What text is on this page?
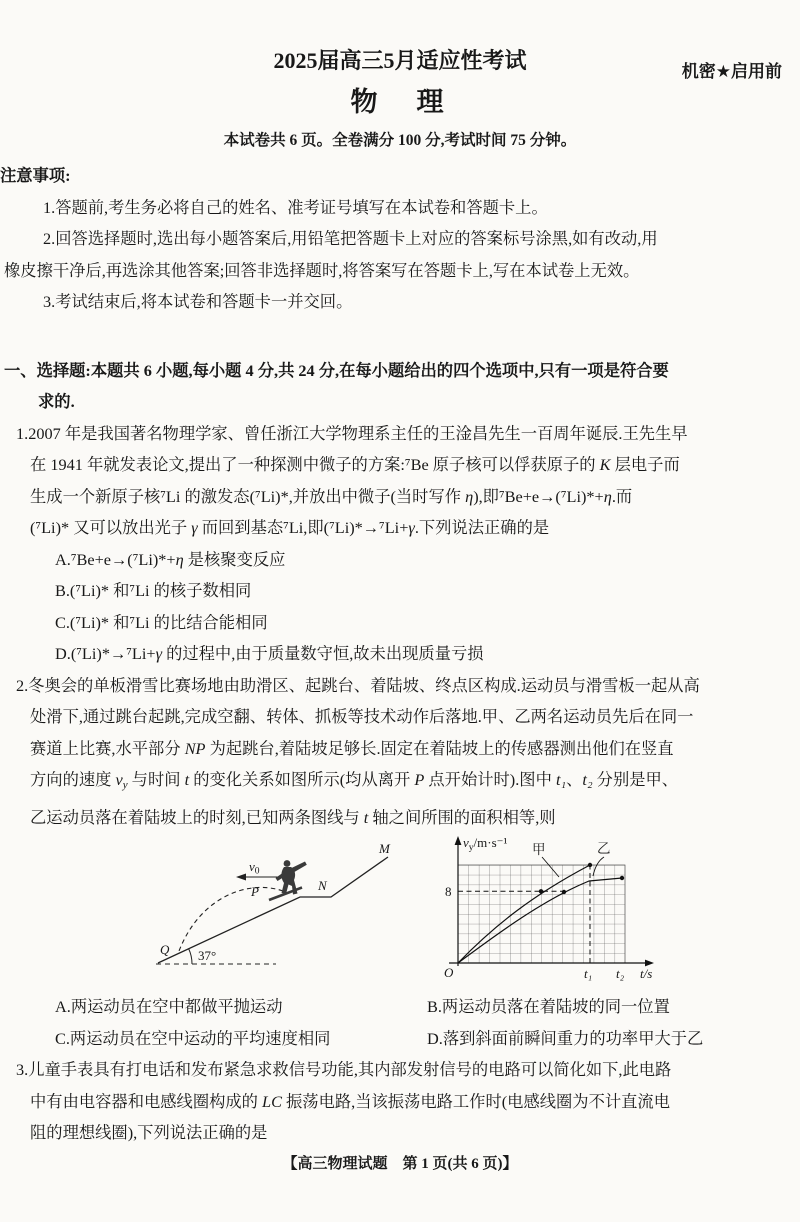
机密★启用前
2025届高三5月适应性考试
物　理
本试卷共 6 页。全卷满分 100 分,考试时间 75 分钟。

注意事项:

1.答题前,考生务必将自己的姓名、准考证号填写在本试卷和答题卡上。

2.回答选择题时,选出每小题答案后,用铅笔把答题卡上对应的答案标号涂黑,如有改动,用

橡皮擦干净后,再选涂其他答案;回答非选择题时,将答案写在答题卡上,写在本试卷上无效。

3.考试结束后,将本试卷和答题卡一并交回。

一、选择题:本题共 6 小题,每小题 4 分,共 24 分,在每小题给出的四个选项中,只有一项是符合要

求的.

1.2007 年是我国著名物理学家、曾任浙江大学物理系主任的王淦昌先生一百周年诞辰.王先生早

在 1941 年就发表论文,提出了一种探测中微子的方案:⁷Be 原子核可以俘获原子的 K 层电子而

生成一个新原子核⁷Li 的激发态(⁷Li)*,并放出中微子(当时写作 η),即⁷Be+e→(⁷Li)*+η.而

(⁷Li)* 又可以放出光子 γ 而回到基态⁷Li,即(⁷Li)*→⁷Li+γ.下列说法正确的是

A.⁷Be+e→(⁷Li)*+η 是核聚变反应

B.(⁷Li)* 和⁷Li 的核子数相同

C.(⁷Li)* 和⁷Li 的比结合能相同

D.(⁷Li)*→⁷Li+γ 的过程中,由于质量数守恒,故未出现质量亏损

2.冬奥会的单板滑雪比赛场地由助滑区、起跳台、着陆坡、终点区构成.运动员与滑雪板一起从高

处滑下,通过跳台起跳,完成空翻、转体、抓板等技术动作后落地.甲、乙两名运动员先后在同一

赛道上比赛,水平部分 NP 为起跳台,着陆坡足够长.固定在着陆坡上的传感器测出他们在竖直

方向的速度 vy 与时间 t 的变化关系如图所示(均从离开 P 点开始计时).图中 t₁、t₂ 分别是甲、

乙运动员落在着陆坡上的时刻,已知两条图线与 t 轴之间所围的面积相等,则

M
N
P
Q
v0
37°
甲	乙
$v_y/m\cdot s^{-1}$
8
O	t₁ t₂ t/s
A.两运动员在空中都做平抛运动	B.两运动员落在着陆坡的同一位置
C.两运动员在空中运动的平均速度相同	D.落到斜面前瞬间重力的功率甲大于乙

3.儿童手表具有打电话和发布紧急求救信号功能,其内部发射信号的电路可以简化如下,此电路

中有由电容器和电感线圈构成的 LC 振荡电路,当该振荡电路工作时(电感线圈为不计直流电

阻的理想线圈),下列说法正确的是

【高三物理试题　第 1 页(共 6 页)】
